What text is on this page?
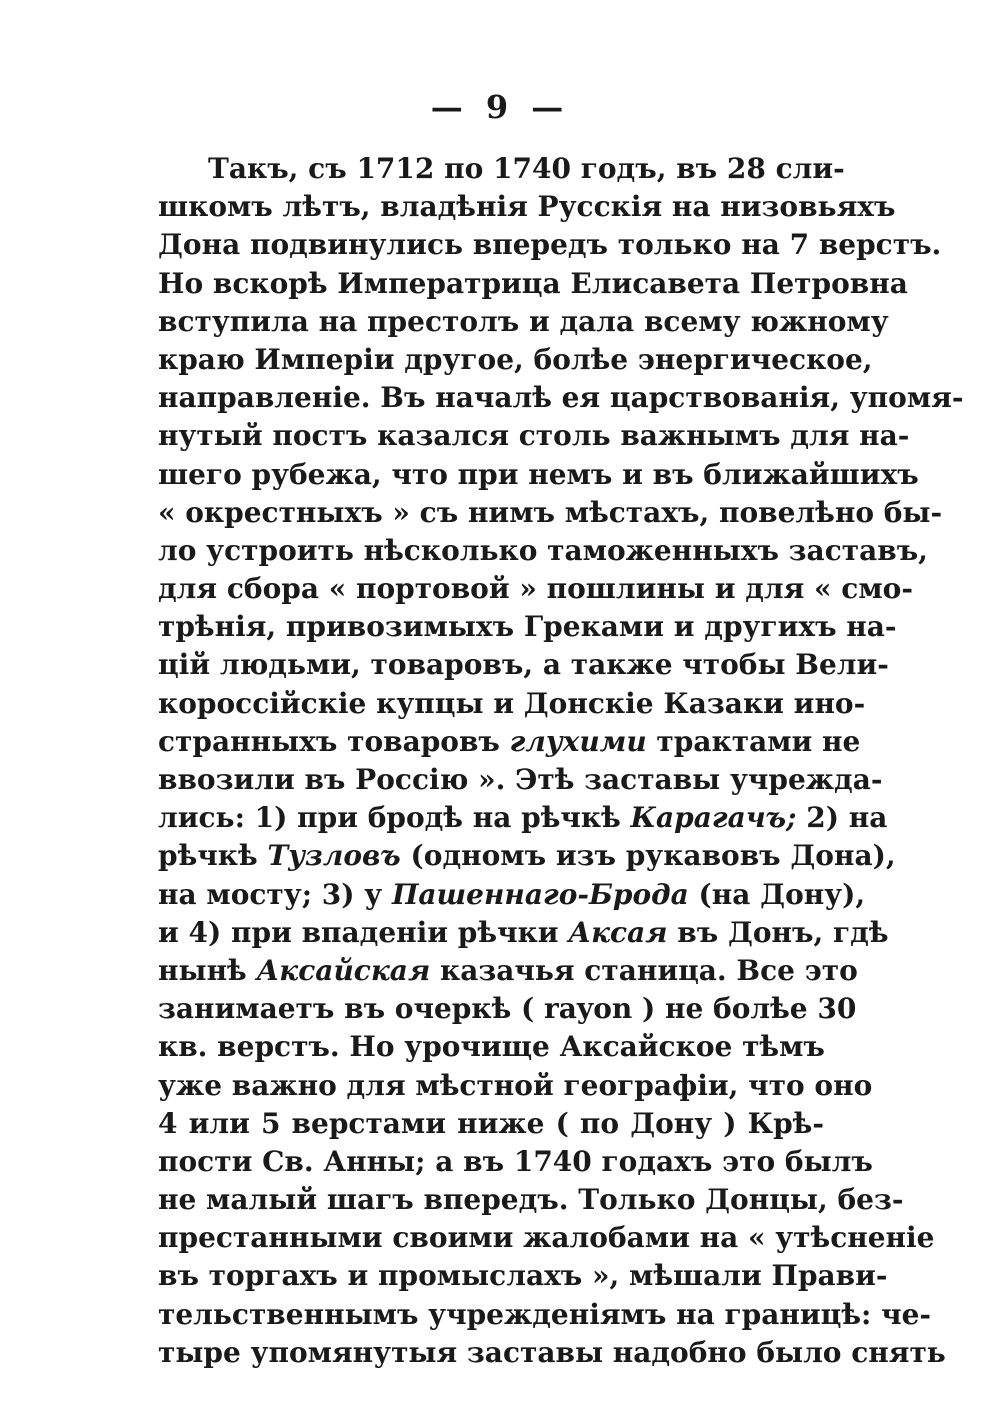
— 9 —
Такъ, съ 1712 по 1740 годъ, въ 28 сли-
шкомъ лѣтъ, владѣнія Русскія на низовьяхъ
Дона подвинулись впередъ только на 7 верстъ.
Но вскорѣ Императрица Елисавета Петровна
вступила на престолъ и дала всему южному
краю Имперіи другое, болѣе энергическое,
направленіе. Въ началѣ ея царствованія, упомя-
нутый постъ казался столь важнымъ для на-
шего рубежа, что при немъ и въ ближайшихъ
« окрестныхъ » съ нимъ мѣстахъ, повелѣно бы-
ло устроить нѣсколько таможенныхъ заставъ,
для сбора « портовой » пошлины и для « смо-
трѣнія, привозимыхъ Греками и другихъ на-
цій людьми, товаровъ, а также чтобы Вели-
короссійскіе купцы и Донскіе Казаки ино-
странныхъ товаровъ глухими трактами не
ввозили въ Россію ». Этѣ заставы учрежда-
лись: 1) при бродѣ на рѣчкѣ Карагачъ; 2) на
рѣчкѣ Тузловъ (одномъ изъ рукавовъ Дона),
на мосту; 3) у Пашеннаго-Брода (на Дону),
и 4) при впаденіи рѣчки Аксая въ Донъ, гдѣ
нынѣ Аксайская казачья станица. Все это
занимаетъ въ очеркѣ ( rayon ) не болѣе 30
кв. верстъ. Но урочище Аксайское тѣмъ
уже важно для мѣстной географіи, что оно
4 или 5 верстами ниже ( по Дону ) Крѣ-
пости Св. Анны; а въ 1740 годахъ это былъ
не малый шагъ впередъ. Только Донцы, без-
престанными своими жалобами на « утѣсненіе
въ торгахъ и промыслахъ », мѣшали Прави-
тельственнымъ учрежденіямъ на границѣ: че-
тыре упомянутыя заставы надобно было снять
